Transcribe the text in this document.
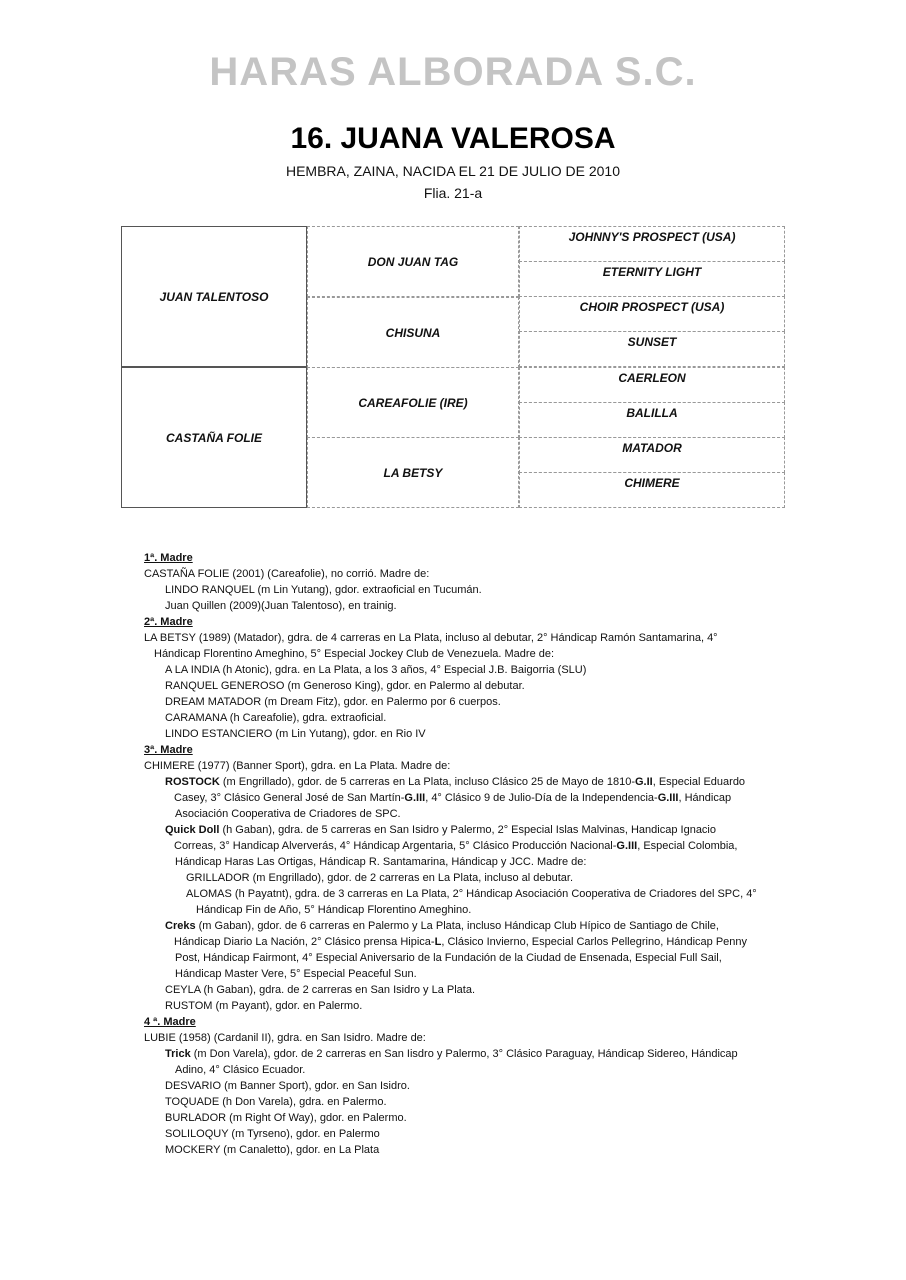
HARAS ALBORADA S.C.
16. JUANA VALEROSA
HEMBRA, ZAINA, NACIDA EL 21 DE JULIO DE 2010
Flia. 21-a
JUAN TALENTOSO
CASTAÑA FOLIE
DON JUAN TAG
CHISUNA
CAREAFOLIE (IRE)
LA BETSY
JOHNNY'S PROSPECT (USA)
ETERNITY LIGHT
CHOIR PROSPECT (USA)
SUNSET
CAERLEON
BALILLA
MATADOR
CHIMERE
1ª. Madre
CASTAÑA FOLIE (2001) (Careafolie), no corrió. Madre de:
LINDO RANQUEL (m Lin Yutang), gdor. extraoficial en Tucumán.
Juan Quillen (2009)(Juan Talentoso), en trainig.
2ª. Madre
LA BETSY (1989) (Matador), gdra. de 4 carreras en La Plata, incluso al debutar, 2° Hándicap Ramón Santamarina, 4°
Hándicap Florentino Ameghino, 5° Especial Jockey Club de Venezuela. Madre de:
A LA INDIA (h Atonic), gdra. en La Plata, a los 3 años, 4° Especial J.B. Baigorria (SLU)
RANQUEL GENEROSO (m Generoso King), gdor. en Palermo al debutar.
DREAM MATADOR (m Dream Fitz), gdor. en Palermo por 6 cuerpos.
CARAMANA (h Careafolie), gdra. extraoficial.
LINDO ESTANCIERO (m Lin Yutang), gdor. en Rio IV
3ª. Madre
CHIMERE (1977) (Banner Sport), gdra. en La Plata. Madre de:
ROSTOCK (m Engrillado), gdor. de 5 carreras en La Plata, incluso Clásico 25 de Mayo de 1810-G.II, Especial Eduardo
Casey, 3° Clásico General José de San Martín-G.III, 4° Clásico 9 de Julio-Día de la Independencia-G.III, Hándicap
Asociación Cooperativa de Criadores de SPC.
Quick Doll (h Gaban), gdra. de 5 carreras en San Isidro y Palermo, 2° Especial Islas Malvinas, Handicap Ignacio
Correas, 3° Handicap Alververás, 4° Hándicap Argentaria, 5° Clásico Producción Nacional-G.III, Especial Colombia,
Hándicap Haras Las Ortigas, Hándicap R. Santamarina, Hándicap y JCC. Madre de:
GRILLADOR (m Engrillado), gdor. de 2 carreras en La Plata, incluso al debutar.
ALOMAS (h Payatnt), gdra. de 3 carreras en La Plata, 2° Hándicap Asociación Cooperativa de Criadores del SPC, 4°
Hándicap Fin de Año, 5° Hándicap Florentino Ameghino.
Creks (m Gaban), gdor. de 6 carreras en Palermo y La Plata, incluso Hándicap Club Hípico de Santiago de Chile,
Hándicap Diario La Nación, 2° Clásico prensa Hipica-L, Clásico Invierno, Especial Carlos Pellegrino, Hándicap Penny
Post, Hándicap Fairmont, 4° Especial Aniversario de la Fundación de la Ciudad de Ensenada, Especial Full Sail,
Hándicap Master Vere, 5° Especial Peaceful Sun.
CEYLA (h Gaban), gdra. de 2 carreras en San Isidro y La Plata.
RUSTOM (m Payant), gdor. en Palermo.
4 ª. Madre
LUBIE (1958) (Cardanil II), gdra. en San Isidro. Madre de:
Trick (m Don Varela), gdor. de 2 carreras en San Iisdro y Palermo, 3° Clásico Paraguay, Hándicap Sidereo, Hándicap
Adino, 4° Clásico Ecuador.
DESVARIO (m Banner Sport), gdor. en San Isidro.
TOQUADE (h Don Varela), gdra. en Palermo.
BURLADOR (m Right Of Way), gdor. en Palermo.
SOLILOQUY (m Tyrseno), gdor. en Palermo
MOCKERY (m Canaletto), gdor. en La Plata
